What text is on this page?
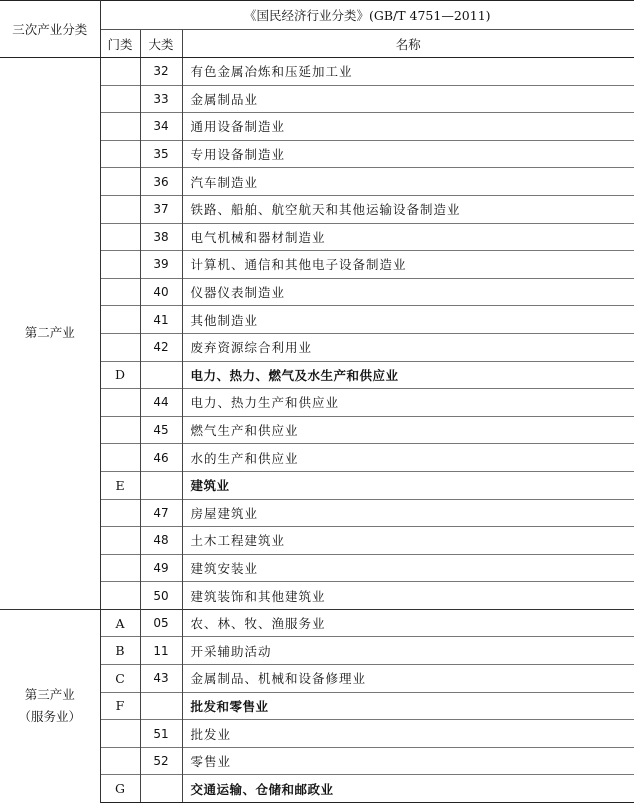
三次产业分类	《国民经济行业分类》(GB/T 4751—2011)		
	门类	大类	名称
第二产业		32	有色金属冶炼和压延加工业
		33	金属制品业
		34	通用设备制造业
		35	专用设备制造业
		36	汽车制造业
		37	铁路、船舶、航空航天和其他运输设备制造业
		38	电气机械和器材制造业
		39	计算机、通信和其他电子设备制造业
		40	仪器仪表制造业
		41	其他制造业
		42	废弃资源综合利用业
	D		电力、热力、燃气及水生产和供应业
		44	电力、热力生产和供应业
		45	燃气生产和供应业
		46	水的生产和供应业
	E		建筑业
		47	房屋建筑业
		48	土木工程建筑业
		49	建筑安装业
		50	建筑装饰和其他建筑业

第三产业
（服务业）	A	05	农、林、牧、渔服务业
	B	11	开采辅助活动
	C	43	金属制品、机械和设备修理业
	F		批发和零售业
		51	批发业
		52	零售业
	G		交通运输、仓储和邮政业
